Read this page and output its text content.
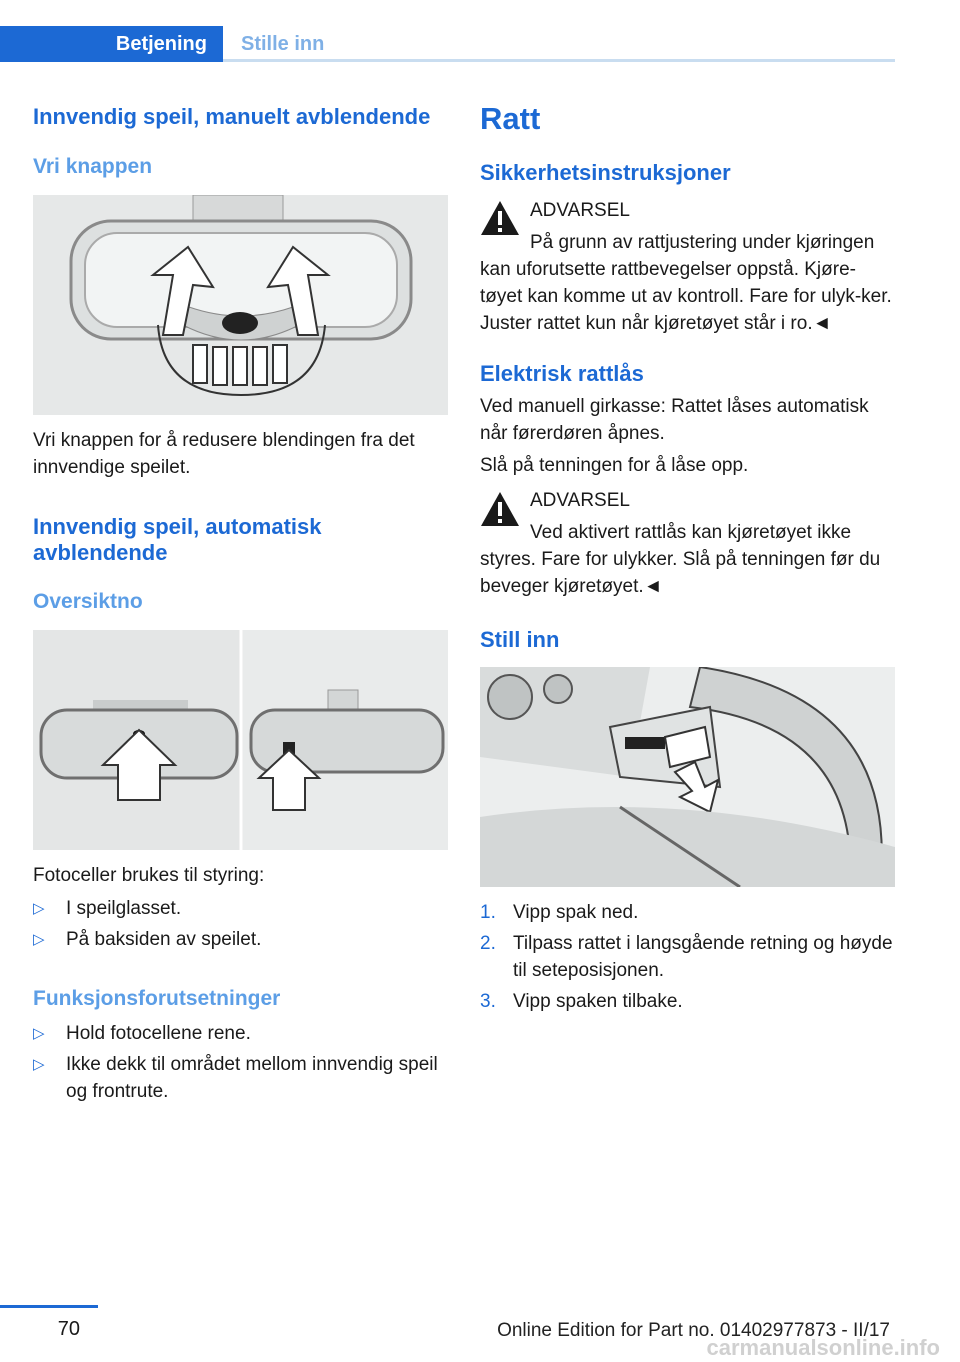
Betjening	Stille inn

Innvendig speil, manuelt avblendende

Vri knappen

Vri knappen for å redusere blendingen fra det innvendige speilet.

Innvendig speil, automatisk avblendende

Oversiktno

Fotoceller brukes til styring:

▷ I speilglasset.
▷ På baksiden av speilet.

Funksjonsforutsetninger

▷ Hold fotocellene rene.
▷ Ikke dekk til området mellom innvendig speil og frontrute.

Ratt

Sikkerhetsinstruksjoner

ADVARSEL

På grunn av rattjustering under kjøringen kan uforutsette rattbevegelser oppstå. Kjøre-tøyet kan komme ut av kontroll. Fare for ulyk-ker. Juster rattet kun når kjøretøyet står i ro.◄

Elektrisk rattlås

Ved manuell girkasse: Rattet låses automatisk når førerdøren åpnes.

Slå på tenningen for å låse opp.

ADVARSEL

Ved aktivert rattlås kan kjøretøyet ikke styres. Fare for ulykker. Slå på tenningen før du beveger kjøretøyet.◄

Still inn

1. Vipp spak ned.
2. Tilpass rattet i langsgående retning og høyde til seteposisjonen.
3. Vipp spaken tilbake.
70	Online Edition for Part no. 01402977873 - II/17
carmanualsonline.info
